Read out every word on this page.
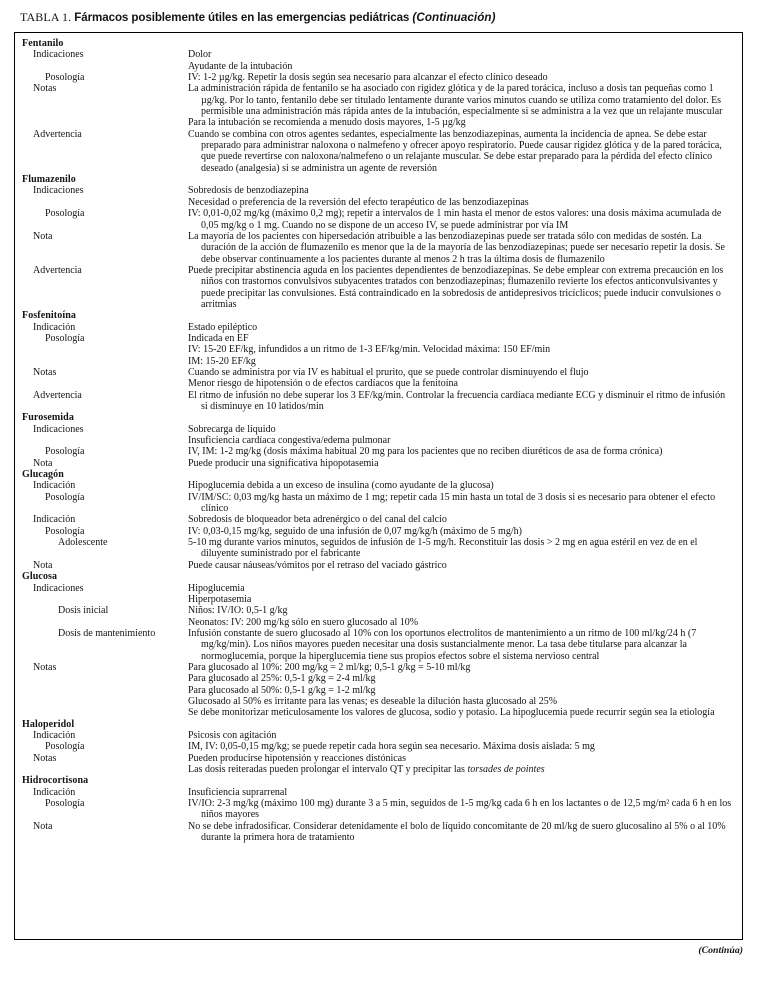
TABLA 1. Fármacos posiblemente útiles en las emergencias pediátricas (Continuación)
Fentanilo
Indicaciones	Dolor

Ayudante de la intubación

Posología	IV: 1-2 µg/kg. Repetir la dosis según sea necesario para alcanzar el efecto clínico deseado

Notas	La administración rápida de fentanilo se ha asociado con rigidez glótica y de la pared torácica, incluso a dosis tan pequeñas como 1 µg/kg. Por lo tanto, fentanilo debe ser titulado lentamente durante varios minutos cuando se utiliza como tratamiento del dolor. Es permisible una administración más rápida antes de la intubación, especialmente si se administra a la vez que un relajante muscular

Para la intubación se recomienda a menudo dosis mayores, 1-5 µg/kg

Advertencia	Cuando se combina con otros agentes sedantes, especialmente las benzodiazepinas, aumenta la incidencia de apnea. Se debe estar preparado para administrar naloxona o nalmefeno y ofrecer apoyo respiratorio. Puede causar rigidez glótica y de la pared torácica, que puede revertirse con naloxona/nalmefeno o un relajante muscular. Se debe estar preparado para la pérdida del efecto clínico deseado (analgesia) si se administra un agente de reversión

Flumazenilo
Indicaciones	Sobredosis de benzodiazepina

Necesidad o preferencia de la reversión del efecto terapéutico de las benzodiazepinas

Posología	IV: 0,01-0,02 mg/kg (máximo 0,2 mg); repetir a intervalos de 1 min hasta el menor de estos valores: una dosis máxima acumulada de 0,05 mg/kg o 1 mg. Cuando no se dispone de un acceso IV, se puede administrar por vía IM

Nota	La mayoría de los pacientes con hipersedación atribuible a las benzodiazepinas puede ser tratada sólo con medidas de sostén. La duración de la acción de flumazenilo es menor que la de la mayoría de las benzodiazepinas; puede ser necesario repetir la dosis. Se debe observar continuamente a los pacientes durante al menos 2 h tras la última dosis de flumazenilo

Advertencia	Puede precipitar abstinencia aguda en los pacientes dependientes de benzodiazepinas. Se debe emplear con extrema precaución en los niños con trastornos convulsivos subyacentes tratados con benzodiazepinas; flumazenilo revierte los efectos anticonvulsivantes y puede precipitar las convulsiones. Está contraindicado en la sobredosis de antidepresivos tricíclicos; puede inducir convulsiones o arritmias

Fosfenitoína
Indicación	Estado epiléptico

Posología	Indicada en EF

IV: 15-20 EF/kg, infundidos a un ritmo de 1-3 EF/kg/min. Velocidad máxima: 150 EF/min

IM: 15-20 EF/kg

Notas	Cuando se administra por vía IV es habitual el prurito, que se puede controlar disminuyendo el flujo

Menor riesgo de hipotensión o de efectos cardíacos que la fenitoína

Advertencia	El ritmo de infusión no debe superar los 3 EF/kg/min. Controlar la frecuencia cardíaca mediante ECG y disminuir el ritmo de infusión si disminuye en 10 latidos/min

Furosemida
Indicaciones	Sobrecarga de líquido

Insuficiencia cardíaca congestiva/edema pulmonar

Posología	IV, IM: 1-2 mg/kg (dosis máxima habitual 20 mg para los pacientes que no reciben diuréticos de asa de forma crónica)

Nota	Puede producir una significativa hipopotasemia

Glucagón
Indicación	Hipoglucemia debida a un exceso de insulina (como ayudante de la glucosa)

Posología	IV/IM/SC: 0,03 mg/kg hasta un máximo de 1 mg; repetir cada 15 min hasta un total de 3 dosis si es necesario para obtener el efecto clínico

Indicación	Sobredosis de bloqueador beta adrenérgico o del canal del calcio

Posología	IV: 0,03-0,15 mg/kg, seguido de una infusión de 0,07 mg/kg/h (máximo de 5 mg/h)

Adolescente	5-10 mg durante varios minutos, seguidos de infusión de 1-5 mg/h. Reconstituir las dosis > 2 mg en agua estéril en vez de en el diluyente suministrado por el fabricante

Nota	Puede causar náuseas/vómitos por el retraso del vaciado gástrico

Glucosa
Indicaciones	Hipoglucemia

Hiperpotasemia

Dosis inicial	Niños: IV/IO: 0,5-1 g/kg

Neonatos: IV: 200 mg/kg sólo en suero glucosado al 10%

Dosis de mantenimiento	Infusión constante de suero glucosado al 10% con los oportunos electrolitos de mantenimiento a un ritmo de 100 ml/kg/24 h (7 mg/kg/min). Los niños mayores pueden necesitar una dosis sustancialmente menor. La tasa debe titularse para alcanzar la normoglucemia, porque la hiperglucemia tiene sus propios efectos sobre el sistema nervioso central

Notas	Para glucosado al 10%: 200 mg/kg = 2 ml/kg; 0,5-1 g/kg = 5-10 ml/kg

Para glucosado al 25%: 0,5-1 g/kg = 2-4 ml/kg

Para glucosado al 50%: 0,5-1 g/kg = 1-2 ml/kg

Glucosado al 50% es irritante para las venas; es deseable la dilución hasta glucosado al 25%

Se debe monitorizar meticulosamente los valores de glucosa, sodio y potasio. La hipoglucemia puede recurrir según sea la etiología

Haloperidol
Indicación	Psicosis con agitación

Posología	IM, IV: 0,05-0,15 mg/kg; se puede repetir cada hora según sea necesario. Máxima dosis aislada: 5 mg

Notas	Pueden producirse hipotensión y reacciones distónicas

Las dosis reiteradas pueden prolongar el intervalo QT y precipitar las torsades de pointes

Hidrocortisona
Indicación	Insuficiencia suprarrenal

Posología	IV/IO: 2-3 mg/kg (máximo 100 mg) durante 3 a 5 min, seguidos de 1-5 mg/kg cada 6 h en los lactantes o de 12,5 mg/m² cada 6 h en los niños mayores

Nota	No se debe infradosificar. Considerar detenidamente el bolo de líquido concomitante de 20 ml/kg de suero glucosalino al 5% o al 10% durante la primera hora de tratamiento

(Continúa)
